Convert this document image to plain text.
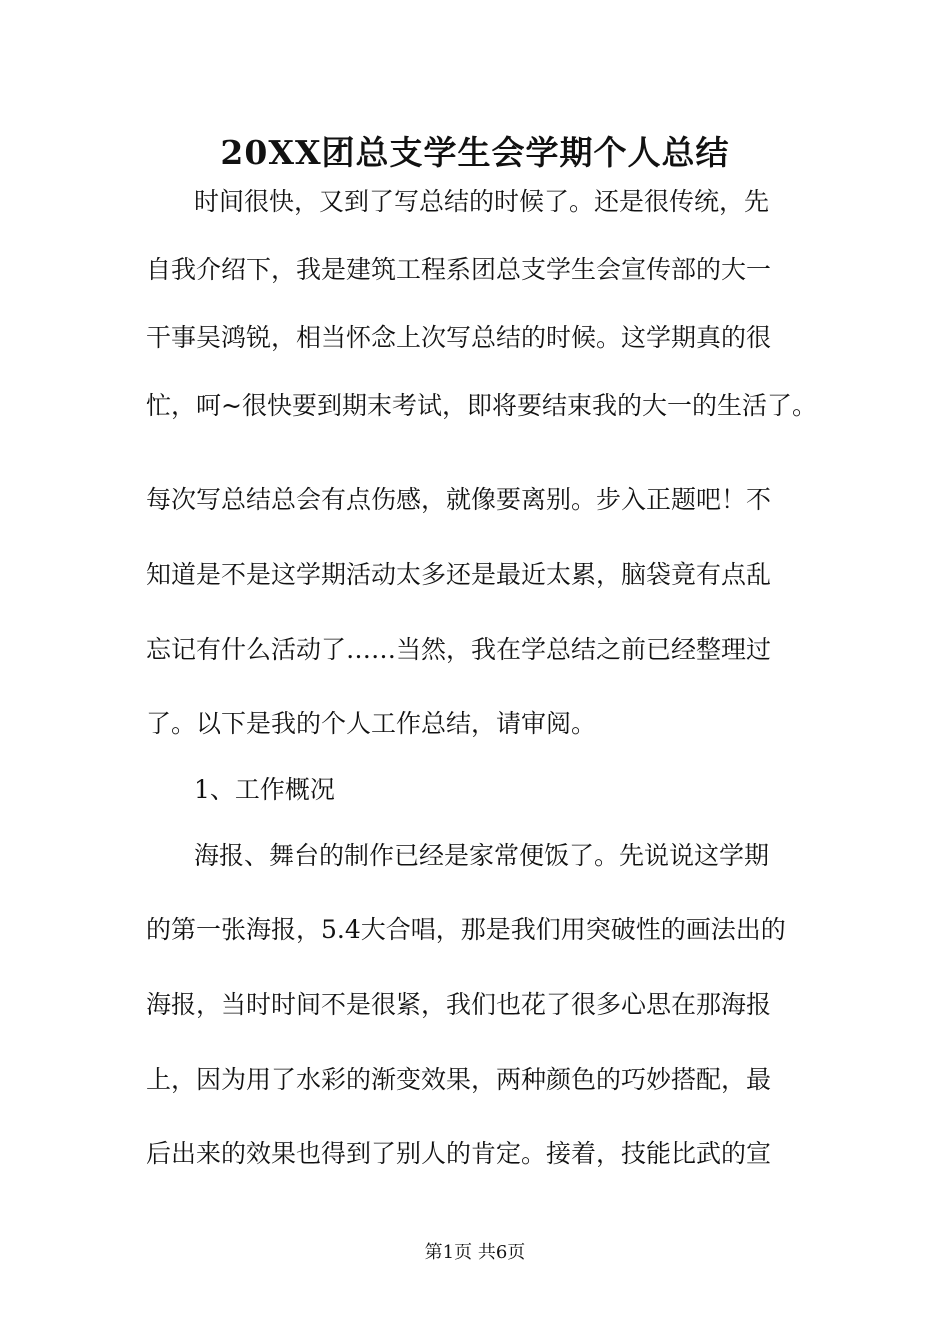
20XX团总支学生会学期个人总结
时间很快，又到了写总结的时候了。还是很传统，先
自我介绍下，我是建筑工程系团总支学生会宣传部的大一
干事吴鸿锐，相当怀念上次写总结的时候。这学期真的很
忙，呵~很快要到期末考试，即将要结束我的大一的生活了。
每次写总结总会有点伤感，就像要离别。步入正题吧！不
知道是不是这学期活动太多还是最近太累，脑袋竟有点乱
忘记有什么活动了……当然，我在学总结之前已经整理过
了。以下是我的个人工作总结，请审阅。
1、工作概况
海报、舞台的制作已经是家常便饭了。先说说这学期
的第一张海报，5.4大合唱，那是我们用突破性的画法出的
海报，当时时间不是很紧，我们也花了很多心思在那海报
上，因为用了水彩的渐变效果，两种颜色的巧妙搭配，最
后出来的效果也得到了别人的肯定。接着，技能比武的宣
第1页 共6页
